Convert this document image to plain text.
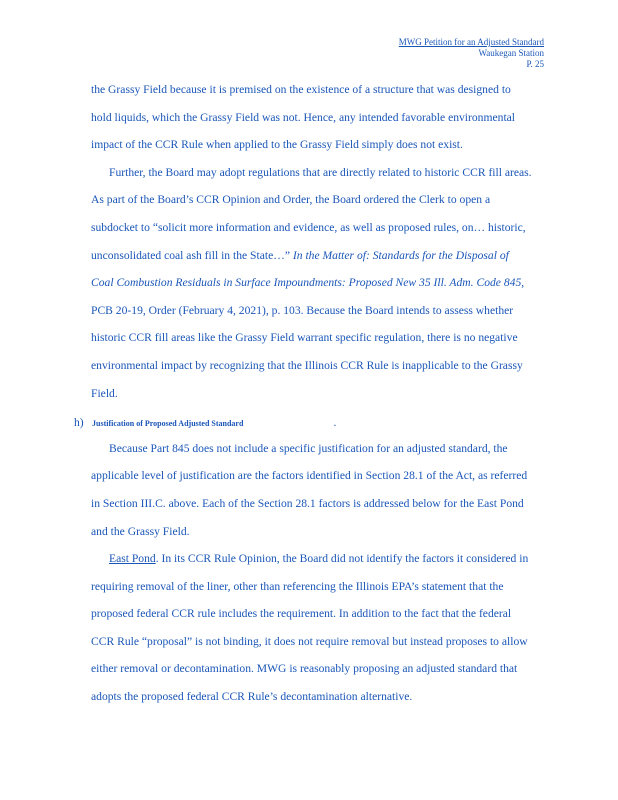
MWG Petition for an Adjusted Standard
Waukegan Station
P. 25
the Grassy Field because it is premised on the existence of a structure that was designed to
hold liquids, which the Grassy Field was not. Hence, any intended favorable environmental
impact of the CCR Rule when applied to the Grassy Field simply does not exist.
Further, the Board may adopt regulations that are directly related to historic CCR fill areas.
As part of the Board’s CCR Opinion and Order, the Board ordered the Clerk to open a
subdocket to “solicit more information and evidence, as well as proposed rules, on… historic,
unconsolidated coal ash fill in the State…” In the Matter of: Standards for the Disposal of
Coal Combustion Residuals in Surface Impoundments: Proposed New 35 Ill. Adm. Code 845,
PCB 20-19, Order (February 4, 2021), p. 103. Because the Board intends to assess whether
historic CCR fill areas like the Grassy Field warrant specific regulation, there is no negative
environmental impact by recognizing that the Illinois CCR Rule is inapplicable to the Grassy
Field.
Because Part 845 does not include a specific justification for an adjusted standard, the
applicable level of justification are the factors identified in Section 28.1 of the Act, as referred
in Section III.C. above. Each of the Section 28.1 factors is addressed below for the East Pond
and the Grassy Field.
East Pond. In its CCR Rule Opinion, the Board did not identify the factors it considered in
requiring removal of the liner, other than referencing the Illinois EPA’s statement that the
proposed federal CCR rule includes the requirement. In addition to the fact that the federal
CCR Rule “proposal” is not binding, it does not require removal but instead proposes to allow
either removal or decontamination. MWG is reasonably proposing an adjusted standard that
adopts the proposed federal CCR Rule’s decontamination alternative.
h) Justification of Proposed Adjusted Standard	.
